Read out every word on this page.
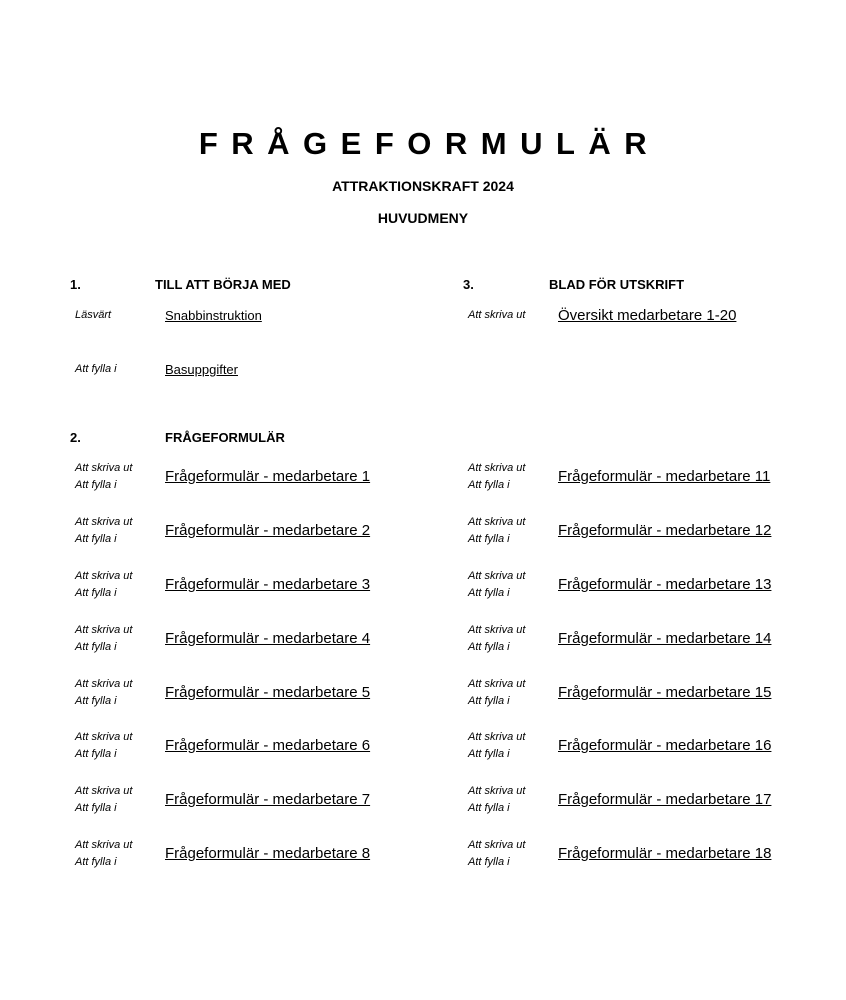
FRÅGEFORMULÄR
ATTRAKTIONSKRAFT 2024
HUVUDMENY
1.	TILL ATT BÖRJA MED
Läsvärt	Snabbinstruktion
Att fylla i	Basuppgifter
3.	BLAD FÖR UTSKRIFT
Att skriva ut Översikt medarbetare 1-20
2.	FRÅGEFORMULÄR
Att skriva ut
Att fylla i	Frågeformulär - medarbetare 1
Att skriva ut
Att fylla i	Frågeformulär - medarbetare 2
Att skriva ut
Att fylla i	Frågeformulär - medarbetare 3
Att skriva ut
Att fylla i	Frågeformulär - medarbetare 4
Att skriva ut
Att fylla i	Frågeformulär - medarbetare 5
Att skriva ut
Att fylla i	Frågeformulär - medarbetare 6
Att skriva ut
Att fylla i	Frågeformulär - medarbetare 7
Att skriva ut
Att fylla i	Frågeformulär - medarbetare 8
Att skriva ut
Att fylla i	Frågeformulär - medarbetare 11
Att skriva ut
Att fylla i	Frågeformulär - medarbetare 12
Att skriva ut
Att fylla i	Frågeformulär - medarbetare 13
Att skriva ut
Att fylla i	Frågeformulär - medarbetare 14
Att skriva ut
Att fylla i	Frågeformulär - medarbetare 15
Att skriva ut
Att fylla i	Frågeformulär - medarbetare 16
Att skriva ut
Att fylla i	Frågeformulär - medarbetare 17
Att skriva ut
Att fylla i	Frågeformulär - medarbetare 18
